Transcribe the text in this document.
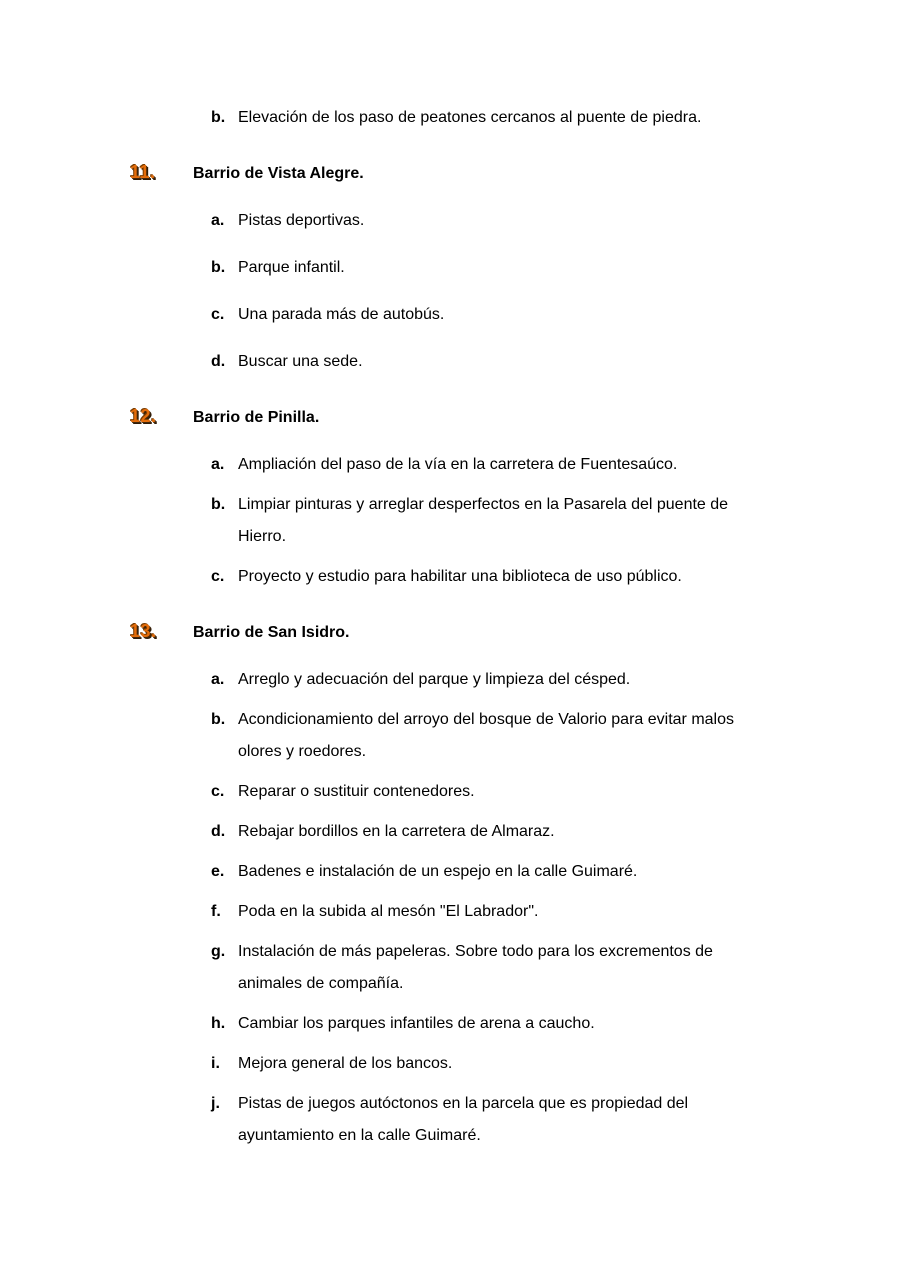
b. Elevación de los paso de peatones cercanos al puente de piedra.
11.	Barrio de Vista Alegre.
a. Pistas deportivas.
b. Parque infantil.
c. Una parada más de autobús.
d. Buscar una sede.
12.	Barrio de Pinilla.
a. Ampliación del paso de la vía en la carretera de Fuentesaúco.
b. Limpiar pinturas y arreglar desperfectos en la Pasarela del puente de Hierro.
c. Proyecto y estudio para habilitar una biblioteca de uso público.
13.	Barrio de San Isidro.
a. Arreglo y adecuación del parque y limpieza del césped.
b. Acondicionamiento del arroyo del bosque de Valorio para evitar malos olores y roedores.
c. Reparar o sustituir contenedores.
d. Rebajar bordillos en la carretera de Almaraz.
e. Badenes e instalación de un espejo en la calle Guimaré.
f.	Poda en la subida al mesón "El Labrador".
g. Instalación de más papeleras. Sobre todo para los excrementos de animales de compañía.
h. Cambiar los parques infantiles de arena a caucho.
i.	Mejora general de los bancos.
j.	Pistas de juegos autóctonos en la parcela que es propiedad del ayuntamiento en la calle Guimaré.
